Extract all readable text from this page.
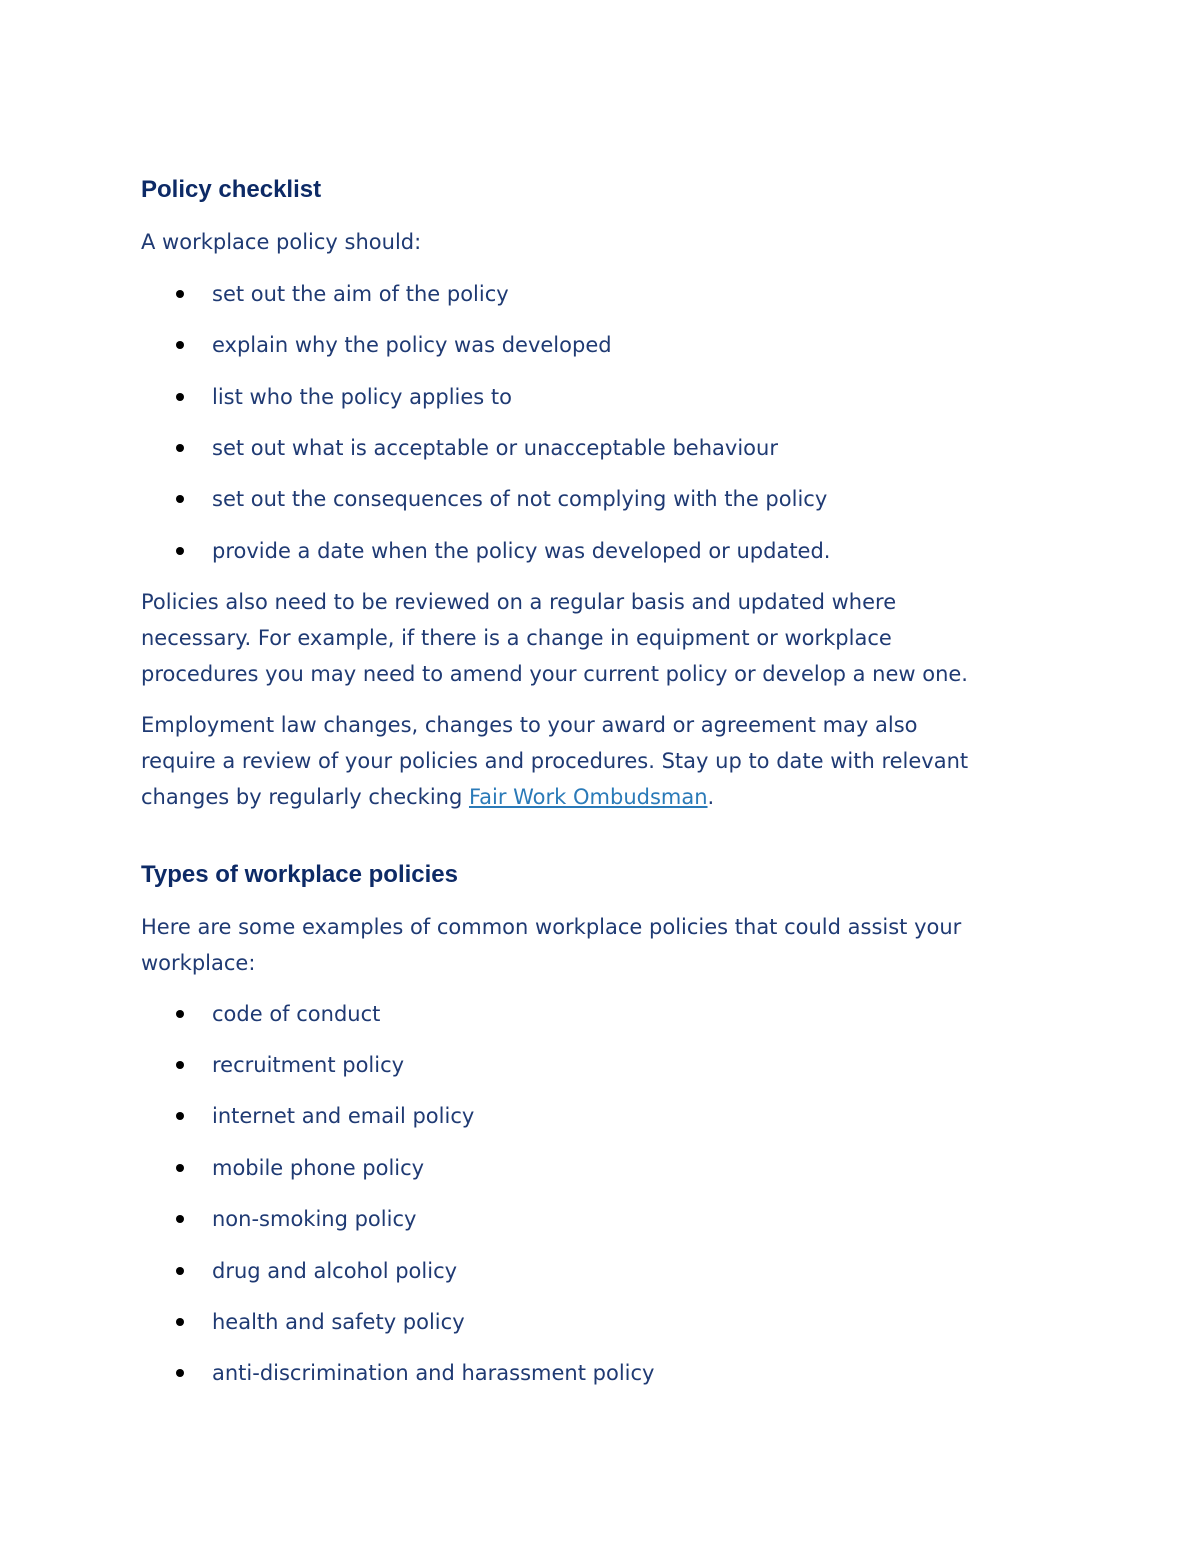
Policy checklist

A workplace policy should:

set out the aim of the policy
explain why the policy was developed
list who the policy applies to
set out what is acceptable or unacceptable behaviour
set out the consequences of not complying with the policy
provide a date when the policy was developed or updated.

Policies also need to be reviewed on a regular basis and updated where
necessary. For example, if there is a change in equipment or workplace
procedures you may need to amend your current policy or develop a new one.

Employment law changes, changes to your award or agreement may also
require a review of your policies and procedures. Stay up to date with relevant
changes by regularly checking Fair Work Ombudsman.

Types of workplace policies

Here are some examples of common workplace policies that could assist your
workplace:

code of conduct
recruitment policy
internet and email policy
mobile phone policy
non-smoking policy
drug and alcohol policy
health and safety policy
anti-discrimination and harassment policy
